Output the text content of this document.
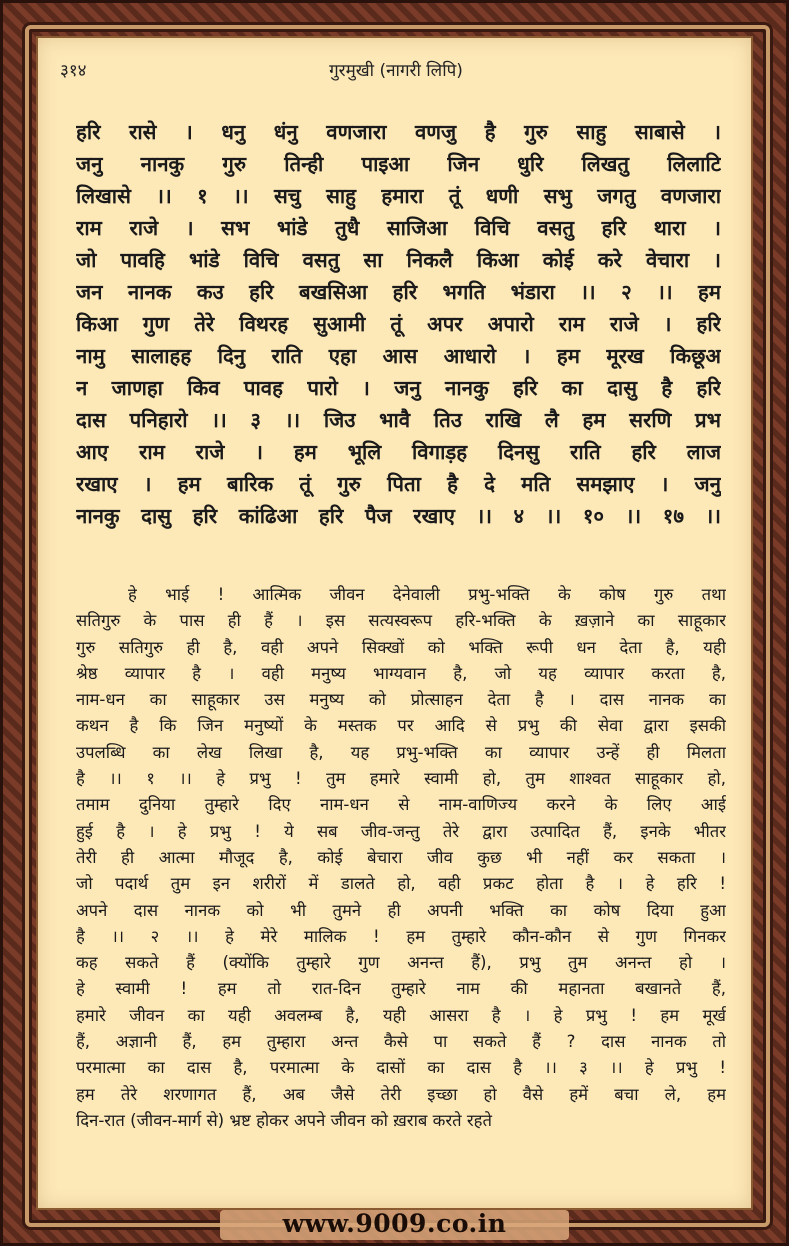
३१४	गुरमुखी (नागरी लिपि)
हरि रासे । धनु धंनु वणजारा वणजु है गुरु साहु साबासे ।
जनु नानकु गुरु तिन्ही पाइआ जिन धुरि लिखतु लिलाटि
लिखासे ।। १ ।। सचु साहु हमारा तूं धणी सभु जगतु वणजारा
राम राजे । सभ भांडे तुधै साजिआ विचि वसतु हरि थारा ।
जो पावहि भांडे विचि वसतु सा निकलै किआ कोई करे वेचारा ।
जन नानक कउ हरि बखसिआ हरि भगति भंडारा ।। २ ।। हम
किआ गुण तेरे विथरह सुआमी तूं अपर अपारो राम राजे । हरि
नामु सालाहह दिनु राति एहा आस आधारो । हम मूरख किछूअ
न जाणहा किव पावह पारो । जनु नानकु हरि का दासु है हरि
दास पनिहारो ।। ३ ।। जिउ भावै तिउ राखि लै हम सरणि प्रभ
आए राम राजे । हम भूलि विगाड़ह दिनसु राति हरि लाज
रखाए । हम बारिक तूं गुरु पिता है दे मति समझाए । जनु
नानकु दासु हरि कांढिआ हरि पैज रखाए ।। ४ ।। १० ।। १७ ।।
हे भाई ! आत्मिक जीवन देनेवाली प्रभु-भक्ति के कोष गुरु तथा
सतिगुरु के पास ही हैं । इस सत्यस्वरूप हरि-भक्ति के ख़ज़ाने का साहूकार
गुरु सतिगुरु ही है, वही अपने सिक्खों को भक्ति रूपी धन देता है, यही
श्रेष्ठ व्यापार है । वही मनुष्य भाग्यवान है, जो यह व्यापार करता है,
नाम-धन का साहूकार उस मनुष्य को प्रोत्साहन देता है । दास नानक का
कथन है कि जिन मनुष्यों के मस्तक पर आदि से प्रभु की सेवा द्वारा इसकी
उपलब्धि का लेख लिखा है, यह प्रभु-भक्ति का व्यापार उन्हें ही मिलता
है ।। १ ।। हे प्रभु ! तुम हमारे स्वामी हो, तुम शाश्वत साहूकार हो,
तमाम दुनिया तुम्हारे दिए नाम-धन से नाम-वाणिज्य करने के लिए आई
हुई है । हे प्रभु ! ये सब जीव-जन्तु तेरे द्वारा उत्पादित हैं, इनके भीतर
तेरी ही आत्मा मौजूद है, कोई बेचारा जीव कुछ भी नहीं कर सकता ।
जो पदार्थ तुम इन शरीरों में डालते हो, वही प्रकट होता है । हे हरि !
अपने दास नानक को भी तुमने ही अपनी भक्ति का कोष दिया हुआ
है ।। २ ।। हे मेरे मालिक ! हम तुम्हारे कौन-कौन से गुण गिनकर
कह सकते हैं (क्योंकि तुम्हारे गुण अनन्त हैं), प्रभु तुम अनन्त हो ।
हे स्वामी ! हम तो रात-दिन तुम्हारे नाम की महानता बखानते हैं,
हमारे जीवन का यही अवलम्ब है, यही आसरा है । हे प्रभु ! हम मूर्ख
हैं, अज्ञानी हैं, हम तुम्हारा अन्त कैसे पा सकते हैं ? दास नानक तो
परमात्मा का दास है, परमात्मा के दासों का दास है ।। ३ ।। हे प्रभु !
हम तेरे शरणागत हैं, अब जैसे तेरी इच्छा हो वैसे हमें बचा ले, हम
दिन-रात (जीवन-मार्ग से) भ्रष्ट होकर अपने जीवन को ख़राब करते रहते
www.9009.co.in
